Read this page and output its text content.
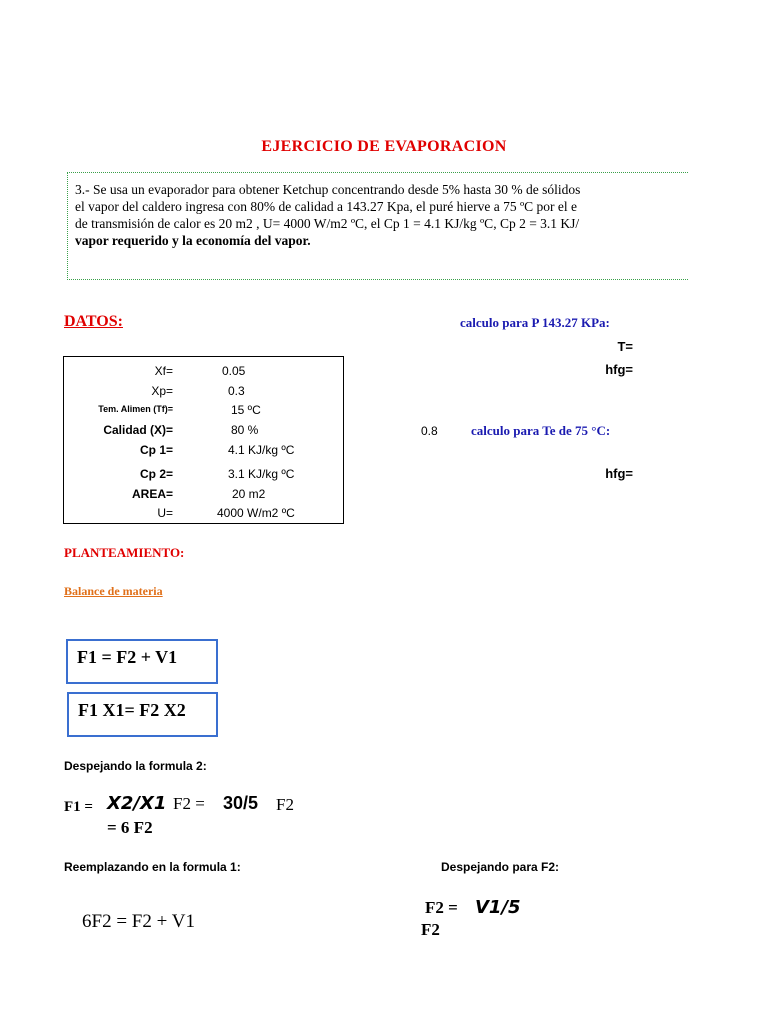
EJERCICIO DE EVAPORACION
3.- Se usa un evaporador para obtener Ketchup concentrando desde 5% hasta 30 % de sólidos
el vapor del caldero ingresa con 80% de calidad a 143.27 Kpa, el puré hierve a 75 ºC por el e
de transmisión de calor es 20 m2 , U= 4000 W/m2 ºC, el Cp 1 = 4.1 KJ/kg ºC, Cp 2 = 3.1 KJ/
vapor requerido y la economía del vapor.
DATOS:	calculo para P 143.27 KPa:
T=
hfg=
0.8	calculo para Te de 75 °C:
hfg=
Xf=	0.05
Xp=	0.3
Tem. Alimen (Tf)=	15 ºC
Calidad (X)=	80 %
Cp 1=	4.1 KJ/kg ºC
Cp 2=	3.1 KJ/kg ºC
AREA=	20 m2
U=	4000 W/m2 ºC
PLANTEAMIENTO:
Balance de materia
F1 = F2 + V1
F1 X1= F2 X2
Despejando la formula 2:
F1 = X2/X1 F2 = 30/5 F2
= 6 F2
Reemplazando en la formula 1:	Despejando para F2:
6F2 = F2 + V1
F2 = V1/5
F2
